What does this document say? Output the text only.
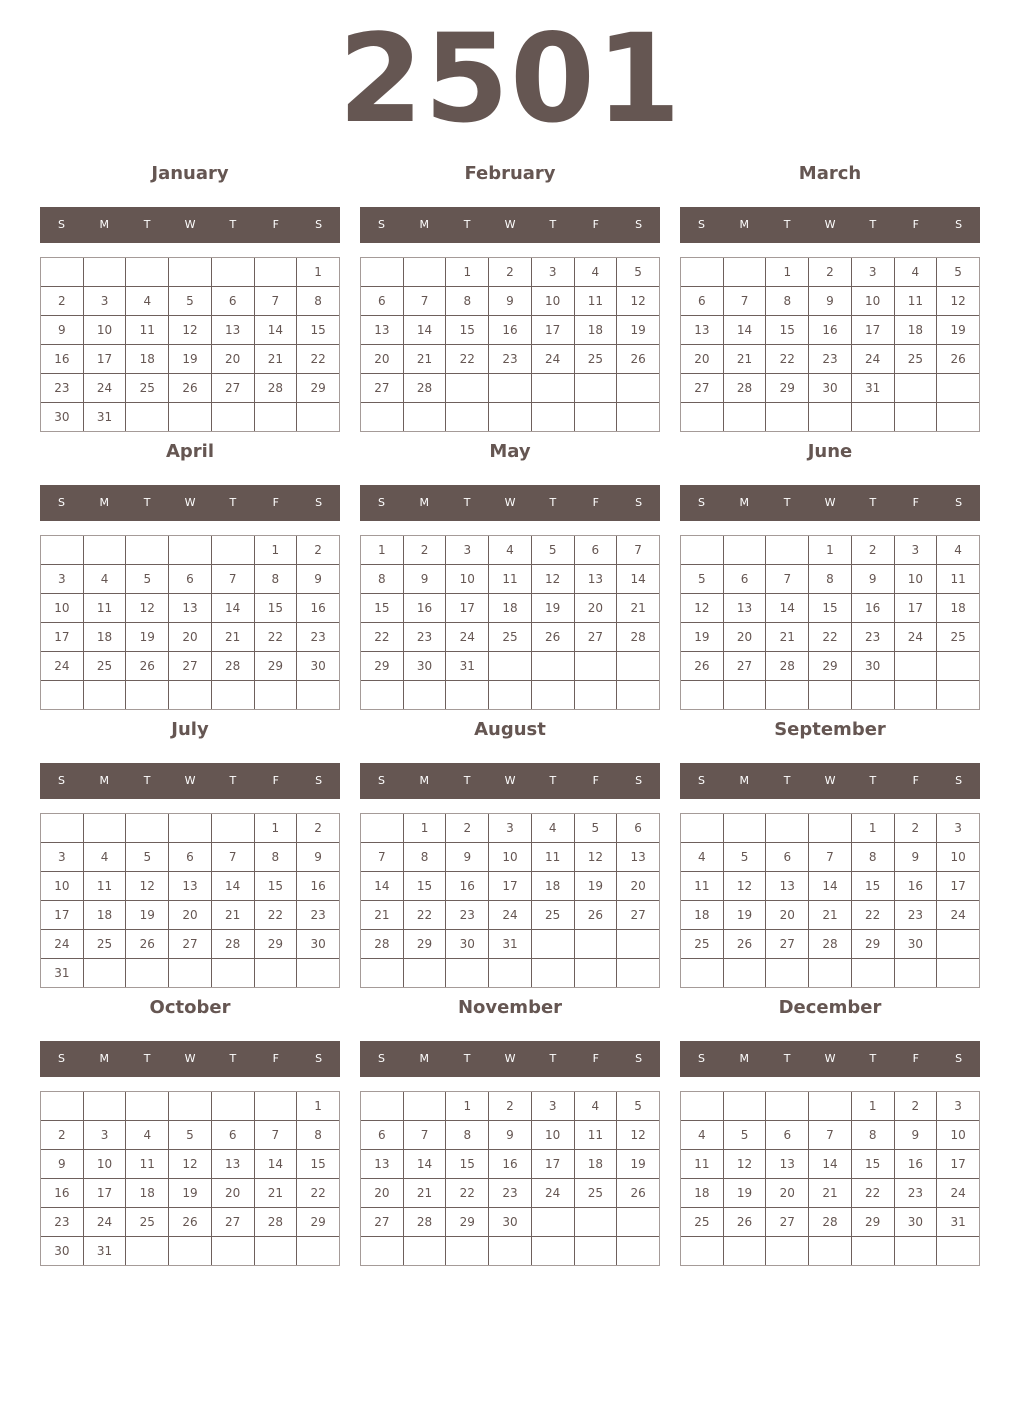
2501
January
S	M	T	W	T	F	S
						1
2	3	4	5	6	7	8
9	10	11	12	13	14	15
16	17	18	19	20	21	22
23	24	25	26	27	28	29
30	31					
February
S	M	T	W	T	F	S
		1	2	3	4	5
6	7	8	9	10	11	12
13	14	15	16	17	18	19
20	21	22	23	24	25	26
27	28					

March
S	M	T	W	T	F	S
		1	2	3	4	5
6	7	8	9	10	11	12
13	14	15	16	17	18	19
20	21	22	23	24	25	26
27	28	29	30	31		

April
S	M	T	W	T	F	S
					1	2
3	4	5	6	7	8	9
10	11	12	13	14	15	16
17	18	19	20	21	22	23
24	25	26	27	28	29	30

May
S	M	T	W	T	F	S
1	2	3	4	5	6	7
8	9	10	11	12	13	14
15	16	17	18	19	20	21
22	23	24	25	26	27	28
29	30	31				

June
S	M	T	W	T	F	S
			1	2	3	4
5	6	7	8	9	10	11
12	13	14	15	16	17	18
19	20	21	22	23	24	25
26	27	28	29	30		

July
S	M	T	W	T	F	S
					1	2
3	4	5	6	7	8	9
10	11	12	13	14	15	16
17	18	19	20	21	22	23
24	25	26	27	28	29	30
31						
August
S	M	T	W	T	F	S
	1	2	3	4	5	6
7	8	9	10	11	12	13
14	15	16	17	18	19	20
21	22	23	24	25	26	27
28	29	30	31			

September
S	M	T	W	T	F	S
				1	2	3
4	5	6	7	8	9	10
11	12	13	14	15	16	17
18	19	20	21	22	23	24
25	26	27	28	29	30	

October
S	M	T	W	T	F	S
						1
2	3	4	5	6	7	8
9	10	11	12	13	14	15
16	17	18	19	20	21	22
23	24	25	26	27	28	29
30	31					
November
S	M	T	W	T	F	S
		1	2	3	4	5
6	7	8	9	10	11	12
13	14	15	16	17	18	19
20	21	22	23	24	25	26
27	28	29	30			

December
S	M	T	W	T	F	S
				1	2	3
4	5	6	7	8	9	10
11	12	13	14	15	16	17
18	19	20	21	22	23	24
25	26	27	28	29	30	31
